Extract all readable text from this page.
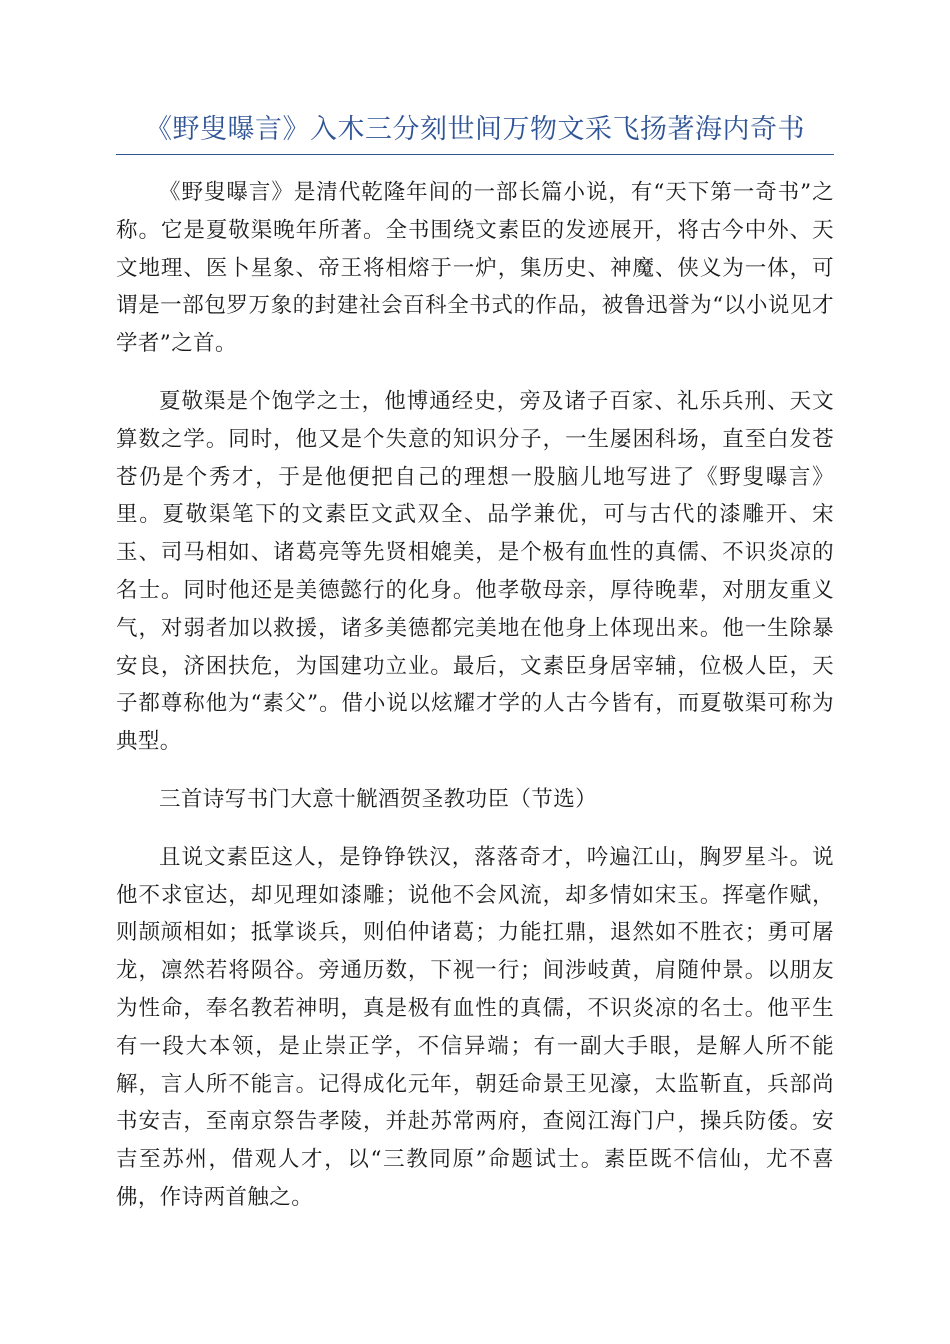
《野叟曝言》入木三分刻世间万物文采飞扬著海内奇书

《野叟曝言》是清代乾隆年间的一部长篇小说，有“天下第一奇书”之称。它是夏敬渠晚年所著。全书围绕文素臣的发迹展开，将古今中外、天文地理、医卜星象、帝王将相熔于一炉，集历史、神魔、侠义为一体，可谓是一部包罗万象的封建社会百科全书式的作品，被鲁迅誉为“以小说见才学者”之首。

夏敬渠是个饱学之士，他博通经史，旁及诸子百家、礼乐兵刑、天文算数之学。同时，他又是个失意的知识分子，一生屡困科场，直至白发苍苍仍是个秀才，于是他便把自己的理想一股脑儿地写进了《野叟曝言》里。夏敬渠笔下的文素臣文武双全、品学兼优，可与古代的漆雕开、宋玉、司马相如、诸葛亮等先贤相媲美，是个极有血性的真儒、不识炎凉的名士。同时他还是美德懿行的化身。他孝敬母亲，厚待晚辈，对朋友重义气，对弱者加以救援，诸多美德都完美地在他身上体现出来。他一生除暴安良，济困扶危，为国建功立业。最后，文素臣身居宰辅，位极人臣，天子都尊称他为“素父”。借小说以炫耀才学的人古今皆有，而夏敬渠可称为典型。

三首诗写书门大意十觥酒贺圣教功臣（节选）

且说文素臣这人，是铮铮铁汉，落落奇才，吟遍江山，胸罗星斗。说他不求宦达，却见理如漆雕；说他不会风流，却多情如宋玉。挥毫作赋，则颉颃相如；抵掌谈兵，则伯仲诸葛；力能扛鼎，退然如不胜衣；勇可屠龙，凛然若将陨谷。旁通历数，下视一行；间涉岐黄，肩随仲景。以朋友为性命，奉名教若神明，真是极有血性的真儒，不识炎凉的名士。他平生有一段大本领，是止崇正学，不信异端；有一副大手眼，是解人所不能解，言人所不能言。记得成化元年，朝廷命景王见濠，太监靳直，兵部尚书安吉，至南京祭告孝陵，并赴苏常两府，查阅江海门户，操兵防倭。安吉至苏州，借观人才，以“三教同原”命题试士。素臣既不信仙，尤不喜佛，作诗两首触之。
